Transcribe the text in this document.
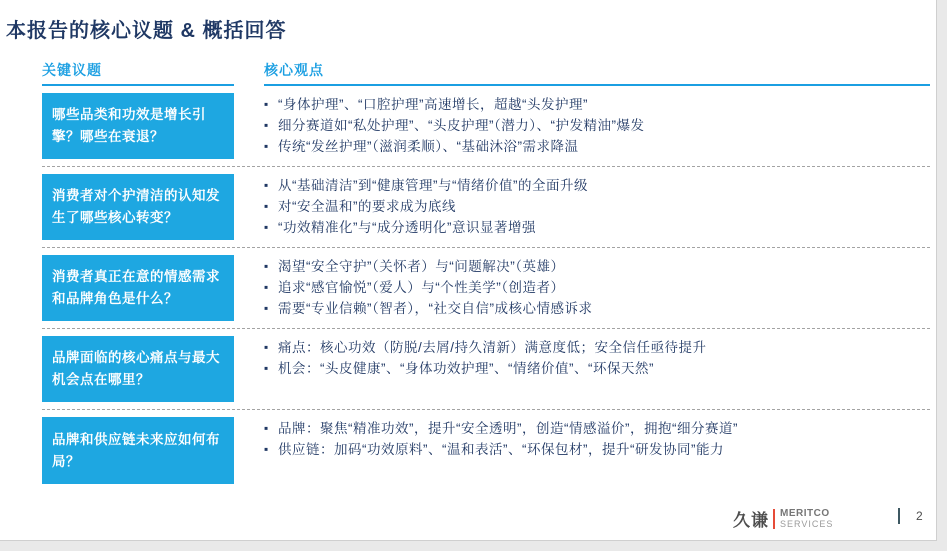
本报告的核心议题 & 概括回答
关键议题	核心观点
哪些品类和功效是增长引擎？哪些在衰退？
▪ “身体护理”、“口腔护理”高速增长，超越“头发护理”
▪ 细分赛道如“私处护理”、“头皮护理”（潜力）、“护发精油”爆发
▪ 传统“发丝护理”（滋润柔顺）、“基础沐浴”需求降温
消费者对个护清洁的认知发生了哪些核心转变？
▪ 从“基础清洁”到“健康管理”与“情绪价值”的全面升级
▪ 对“安全温和”的要求成为底线
▪ “功效精准化”与“成分透明化”意识显著增强
消费者真正在意的情感需求和品牌角色是什么？
▪ 渴望“安全守护”（关怀者）与“问题解决”（英雄）
▪ 追求“感官愉悦”（爱人）与“个性美学”（创造者）
▪ 需要“专业信赖”（智者），“社交自信”成核心情感诉求
品牌面临的核心痛点与最大机会点在哪里？
▪ 痛点：核心功效（防脱/去屑/持久清新）满意度低；安全信任亟待提升
▪ 机会：“头皮健康”、“身体功效护理”、“情绪价值”、“环保天然”
品牌和供应链未来应如何布局？
▪ 品牌：聚焦“精准功效”，提升“安全透明”，创造“情感溢价”，拥抱“细分赛道”
▪ 供应链：加码“功效原料”、“温和表活”、“环保包材”，提升“研发协同”能力
久谦 MERITCO
SERVICES
2
